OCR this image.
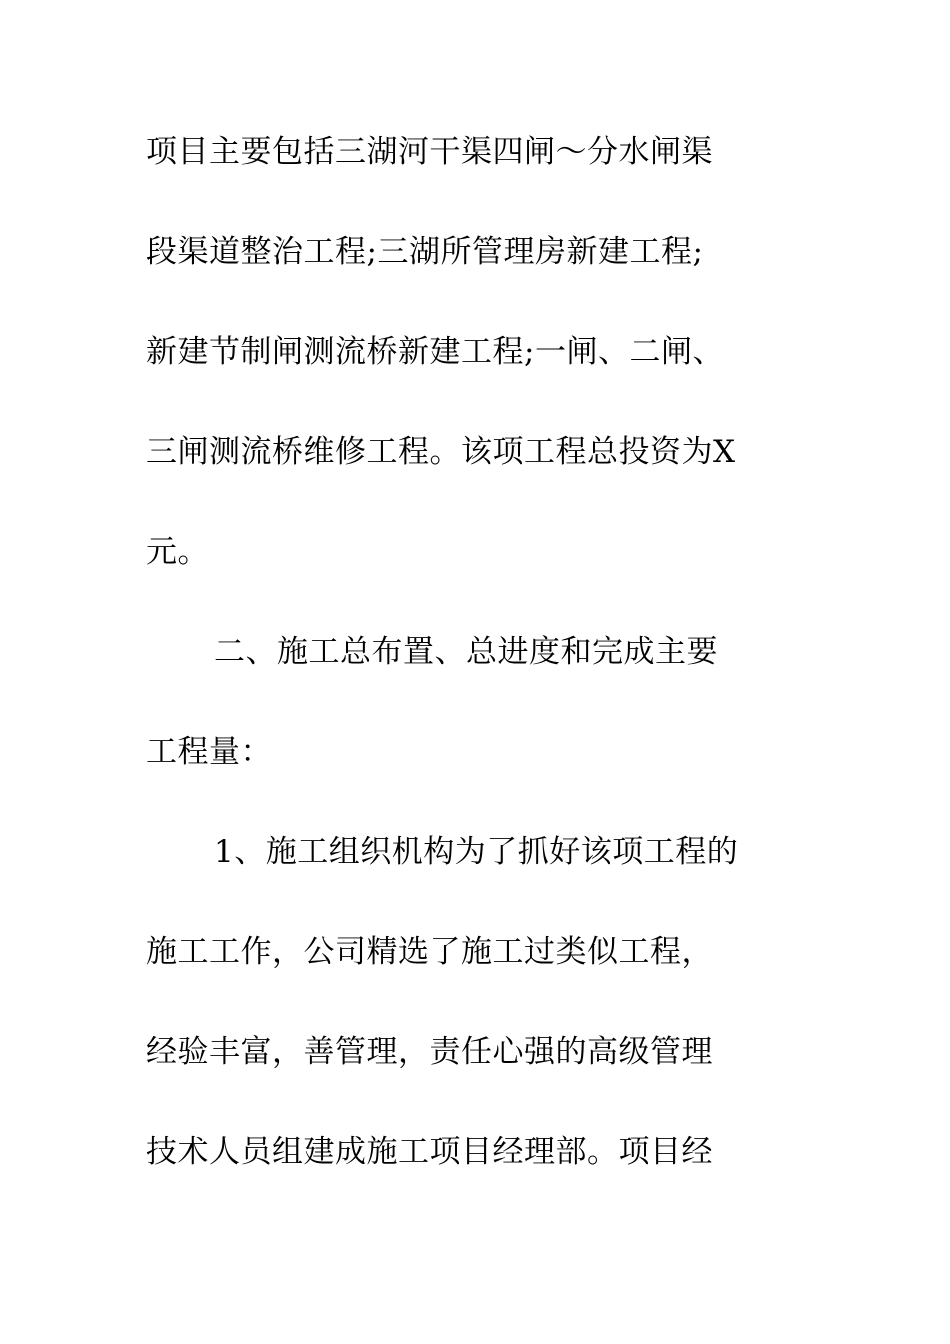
项目主要包括三湖河干渠四闸～分水闸渠
段渠道整治工程;三湖所管理房新建工程;
新建节制闸测流桥新建工程;一闸、二闸、
三闸测流桥维修工程。该项工程总投资为X
元。
二、施工总布置、总进度和完成主要
工程量：
1、施工组织机构为了抓好该项工程的
施工工作，公司精选了施工过类似工程，
经验丰富，善管理，责任心强的高级管理
技术人员组建成施工项目经理部。项目经
